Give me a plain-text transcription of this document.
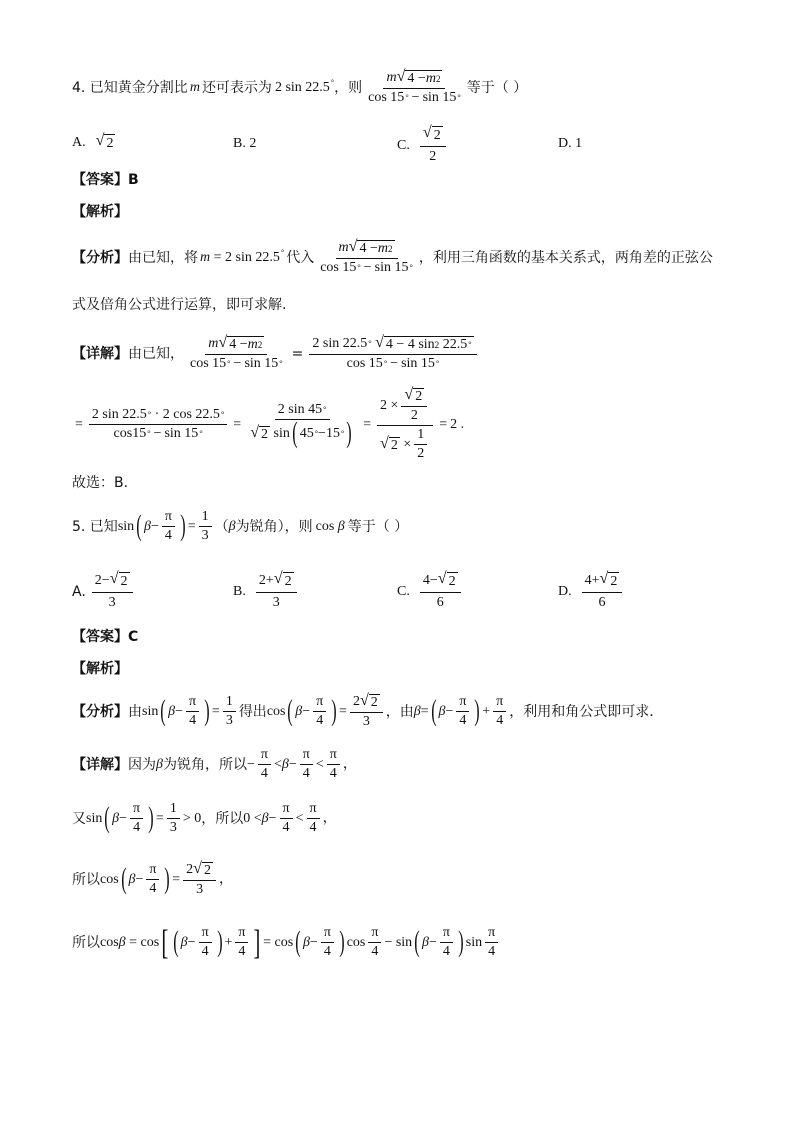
4. 已知黄金分割比 m 还可表示为 2 sin 22.5° ，则 $\frac{m √ 4 - m 2}{\cos 15 ^\circ - \sin 15 ^\circ}$ 等于（ ）
A. √ 2	B. 2	C. $\frac{√ 2}{2}$	D. 1
【答案】B
【解析】
【分析】 由已知，将 m = 2 sin 22.5° 代入 $\frac{m √ 4 - m 2}{\cos 15 ^\circ - \sin 15 ^\circ}$ ，利用三角函数的基本关系式，两角差的正弦公
式及倍角公式进行运算，即可求解.
【详解】 由已知， $\frac{m √ 4 - m 2}{\cos 15 ^\circ - \sin 15 ^\circ} = 2$ sin 22.5 °
√ 4 − 4 sin 2 22.5 °
cos 15 ° − sin 15 °
= $\frac{2 \sin 22.5 ^\circ \cdot 2 \cos 22.5 ^\circ}{\cos 15 ^\circ - \sin 15 ^\circ} = \frac{2 \sin 45 ^\circ}{√ 2 \sin ( 45 ^\circ -15 ^\circ )} = \frac{2 \times \frac{√ 2}{2}}{√ 2 \times \frac{1}{2}} = 2$ .
故选：B.
5. 已知 sin ( $\beta - \frac{\pi}{4}$ ) = $\frac{1}{3}$ （ β 为锐角），则 cos β 等于（ ）
A. $\frac{2- √ 2}{3}$	B. $\frac{2+ √ 2}{3}$	C. $\frac{4- √ 2}{6}$	D. $\frac{4+ √ 2}{6}$
【答案】C
【解析】
【分析】 由 sin ( $\beta - \frac{\pi}{4}$ ) = $\frac{1}{3}$ 得出 cos ( $\beta - \frac{\pi}{4}$ ) = $\frac{2 √ 2}{3}$ ，由 β = ( $\beta - \frac{\pi}{4}$ ) + $\frac{\pi}{4}$ ，利用和角公式即可求.
【详解】 因为 β 为锐角，所以 − $\frac{\pi}{4} < \beta - \frac{\pi}{4} < \frac{\pi}{4}$ ，
又 sin ( $\beta - \frac{\pi}{4}$ ) = $\frac{1}{3} > 0$ ，所以 $0 < \beta - \frac{\pi}{4} < \frac{\pi}{4}$ ，
所以 cos ( $\beta - \frac{\pi}{4}$ ) = $\frac{2 √ 2}{3}$ ，
所以 cos β = cos [ ( $\beta - \frac{\pi}{4}$ ) + $\frac{\pi}{4}$ ] = cos ( $\beta - \frac{\pi}{4}$ ) $\cos \frac{\pi}{4} - \sin$ ( $\beta - \frac{\pi}{4}$ ) $\sin \frac{\pi}{4}$
